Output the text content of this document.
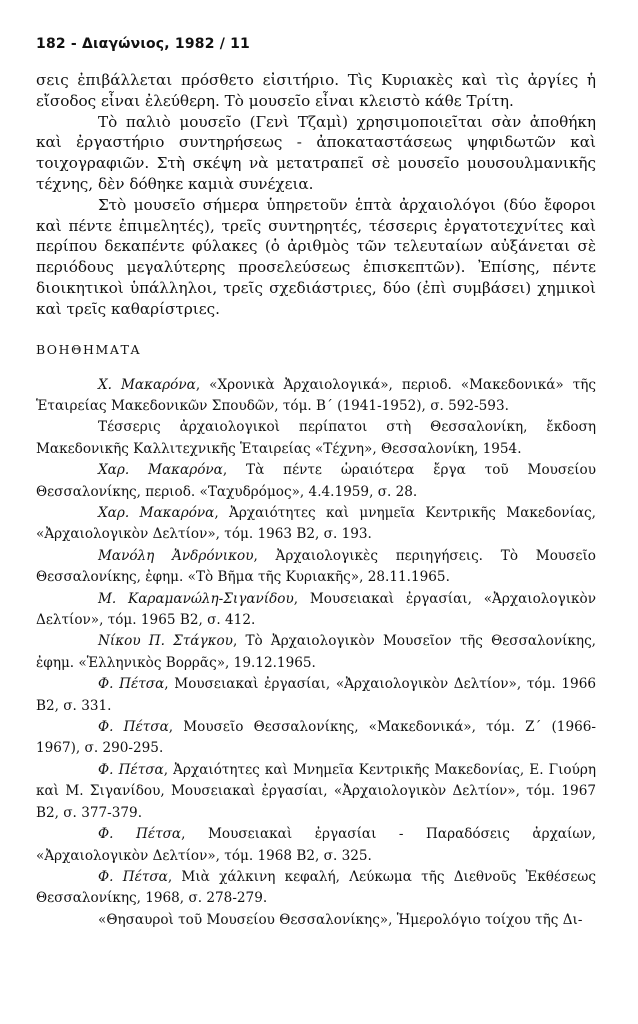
182 - Διαγώνιος, 1982 / 11

σεις ἐπιβάλλεται πρόσθετο εἰσιτήριο. Τὶς Κυριακὲς καὶ τὶς ἀργίες ἡ εἴσοδος εἶναι ἐλεύθερη. Τὸ μουσεῖο εἶναι κλειστὸ κάθε Τρίτη.

Τὸ παλιὸ μουσεῖο (Γενὶ Τζαμὶ) χρησιμοποιεῖται σὰν ἀποθήκη καὶ ἐργαστήριο συντηρήσεως - ἀποκαταστάσεως ψηφιδωτῶν καὶ τοιχογραφιῶν. Στὴ σκέψη νὰ μετατραπεῖ σὲ μουσεῖο μουσουλμανικῆς τέχνης, δὲν δόθηκε καμιὰ συνέχεια.

Στὸ μουσεῖο σήμερα ὑπηρετοῦν ἑπτὰ ἀρχαιολόγοι (δύο ἔφοροι καὶ πέντε ἐπιμελητές), τρεῖς συντηρητές, τέσσερις ἐργατοτεχνίτες καὶ περίπου δεκαπέντε φύλακες (ὁ ἀριθμὸς τῶν τελευταίων αὐξάνεται σὲ περιόδους μεγαλύτερης προσελεύσεως ἐπισκεπτῶν). Ἐπίσης, πέντε διοικητικοὶ ὑπάλληλοι, τρεῖς σχεδιάστριες, δύο (ἐπὶ συμβάσει) χημικοὶ καὶ τρεῖς καθαρίστριες.

ΒΟΗΘΗΜΑΤΑ

Χ. Μακαρόνα, «Χρονικὰ Ἀρχαιολογικά», περιοδ. «Μακεδονικά» τῆς Ἑταιρείας Μακεδονικῶν Σπουδῶν, τόμ. Β΄ (1941-1952), σ. 592-593.

Τέσσερις ἀρχαιολογικοὶ περίπατοι στὴ Θεσσαλονίκη, ἔκδοση Μακεδονικῆς Καλλιτεχνικῆς Ἑταιρείας «Τέχνη», Θεσσαλονίκη, 1954.

Χαρ. Μακαρόνα, Τὰ πέντε ὡραιότερα ἔργα τοῦ Μουσείου Θεσσαλονίκης, περιοδ. «Ταχυδρόμος», 4.4.1959, σ. 28.

Χαρ. Μακαρόνα, Ἀρχαιότητες καὶ μνημεῖα Κεντρικῆς Μακεδονίας, «Ἀρχαιολογικὸν Δελτίον», τόμ. 1963 Β2, σ. 193.

Μανόλη Ἀνδρόνικου, Ἀρχαιολογικὲς περιηγήσεις. Τὸ Μουσεῖο Θεσσαλονίκης, ἐφημ. «Τὸ Βῆμα τῆς Κυριακῆς», 28.11.1965.

Μ. Καραμανώλη-Σιγανίδου, Μουσειακαὶ ἐργασίαι, «Ἀρχαιολογικὸν Δελτίον», τόμ. 1965 Β2, σ. 412.

Νίκου Π. Στάγκου, Τὸ Ἀρχαιολογικὸν Μουσεῖον τῆς Θεσσαλονίκης, ἐφημ. «Ἑλληνικὸς Βορρᾶς», 19.12.1965.

Φ. Πέτσα, Μουσειακαὶ ἐργασίαι, «Ἀρχαιολογικὸν Δελτίον», τόμ. 1966 Β2, σ. 331.

Φ. Πέτσα, Μουσεῖο Θεσσαλονίκης, «Μακεδονικά», τόμ. Ζ΄ (1966-1967), σ. 290-295.

Φ. Πέτσα, Ἀρχαιότητες καὶ Μνημεῖα Κεντρικῆς Μακεδονίας, Ε. Γιούρη καὶ Μ. Σιγανίδου, Μουσειακαὶ ἐργασίαι, «Ἀρχαιολογικὸν Δελτίον», τόμ. 1967 Β2, σ. 377-379.

Φ. Πέτσα, Μουσειακαὶ ἐργασίαι - Παραδόσεις ἀρχαίων, «Ἀρχαιολογικὸν Δελτίον», τόμ. 1968 Β2, σ. 325.

Φ. Πέτσα, Μιὰ χάλκινη κεφαλή, Λεύκωμα τῆς Διεθνοῦς Ἐκθέσεως Θεσσαλονίκης, 1968, σ. 278-279.

«Θησαυροὶ τοῦ Μουσείου Θεσσαλονίκης», Ἡμερολόγιο τοίχου τῆς Δι-
